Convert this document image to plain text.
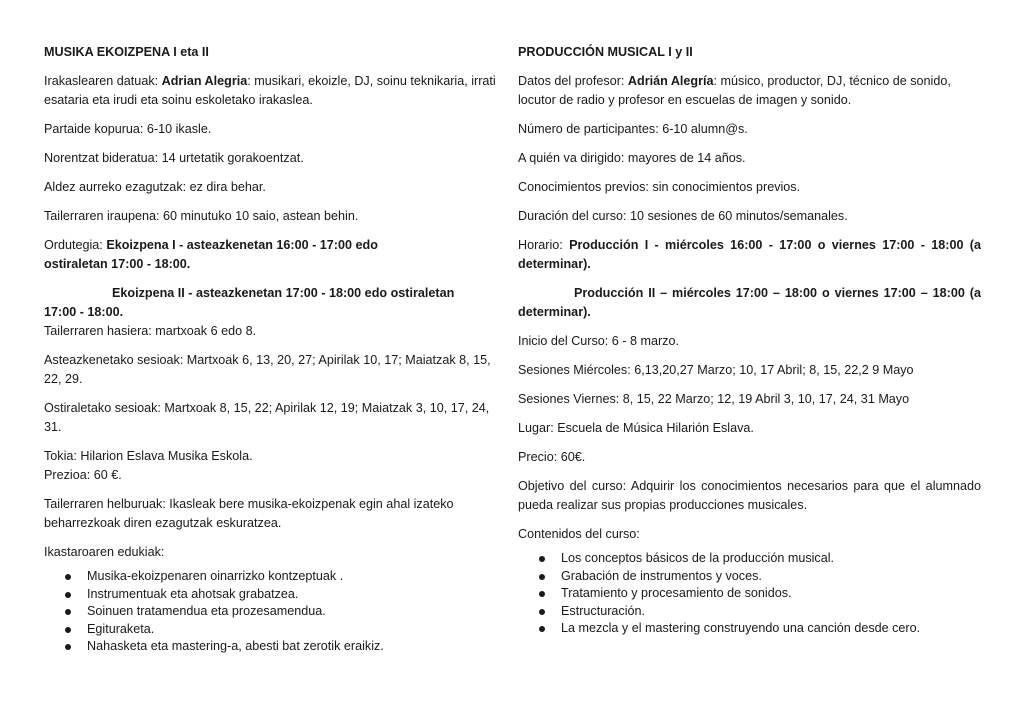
MUSIKA EKOIZPENA I eta II
Irakaslearen datuak: Adrian Alegria: musikari, ekoizle, DJ, soinu teknikaria, irrati esataria eta irudi eta soinu eskoletako irakaslea.
Partaide kopurua: 6-10 ikasle.
Norentzat bideratua: 14 urtetatik gorakoentzat.
Aldez aurreko ezagutzak: ez dira behar.
Tailerraren iraupena: 60 minutuko 10 saio, astean behin.
Ordutegia: Ekoizpena I - asteazkenetan 16:00 - 17:00 edo ostiraletan 17:00 - 18:00.
Ekoizpena II - asteazkenetan 17:00 - 18:00 edo ostiraletan
17:00 - 18:00.
Tailerraren hasiera: martxoak 6 edo 8.
Asteazkenetako sesioak: Martxoak 6, 13, 20, 27; Apirilak 10, 17; Maiatzak 8, 15, 22, 29.
Ostiraletako sesioak: Martxoak 8, 15, 22; Apirilak 12, 19; Maiatzak 3, 10, 17, 24, 31.
Tokia: Hilarion Eslava Musika Eskola.
Prezioa: 60 €.
Tailerraren helburuak: Ikasleak bere musika-ekoizpenak egin ahal izateko beharrezkoak diren ezagutzak eskuratzea.
Ikastaroaren edukiak:
Musika-ekoizpenaren oinarrizko kontzeptuak .
Instrumentuak eta ahotsak grabatzea.
Soinuen tratamendua eta prozesamendua.
Egituraketa.
Nahasketa eta mastering-a, abesti bat zerotik eraikiz.
PRODUCCIÓN MUSICAL I y II
Datos del profesor: Adrián Alegría: músico, productor, DJ, técnico de sonido, locutor de radio y profesor en escuelas de imagen y sonido.
Número de participantes: 6-10 alumn@s.
A quién va dirigido: mayores de 14 años.
Conocimientos previos: sin conocimientos previos.
Duración del curso: 10 sesiones de 60 minutos/semanales.
Horario: Producción I - miércoles 16:00 - 17:00 o viernes 17:00 - 18:00 (a determinar).
Producción II – miércoles 17:00 – 18:00 o viernes 17:00 – 18:00 (a determinar).
Inicio del Curso: 6 - 8 marzo.
Sesiones Miércoles: 6,13,20,27 Marzo; 10, 17 Abril; 8, 15, 22,2 9 Mayo
Sesiones Viernes: 8, 15, 22 Marzo; 12, 19 Abril 3, 10, 17, 24, 31 Mayo
Lugar: Escuela de Música Hilarión Eslava.
Precio: 60€.
Objetivo del curso: Adquirir los conocimientos necesarios para que el alumnado pueda realizar sus propias producciones musicales.
Contenidos del curso:
Los conceptos básicos de la producción musical.
Grabación de instrumentos y voces.
Tratamiento y procesamiento de sonidos.
Estructuración.
La mezcla y el mastering construyendo una canción desde cero.
